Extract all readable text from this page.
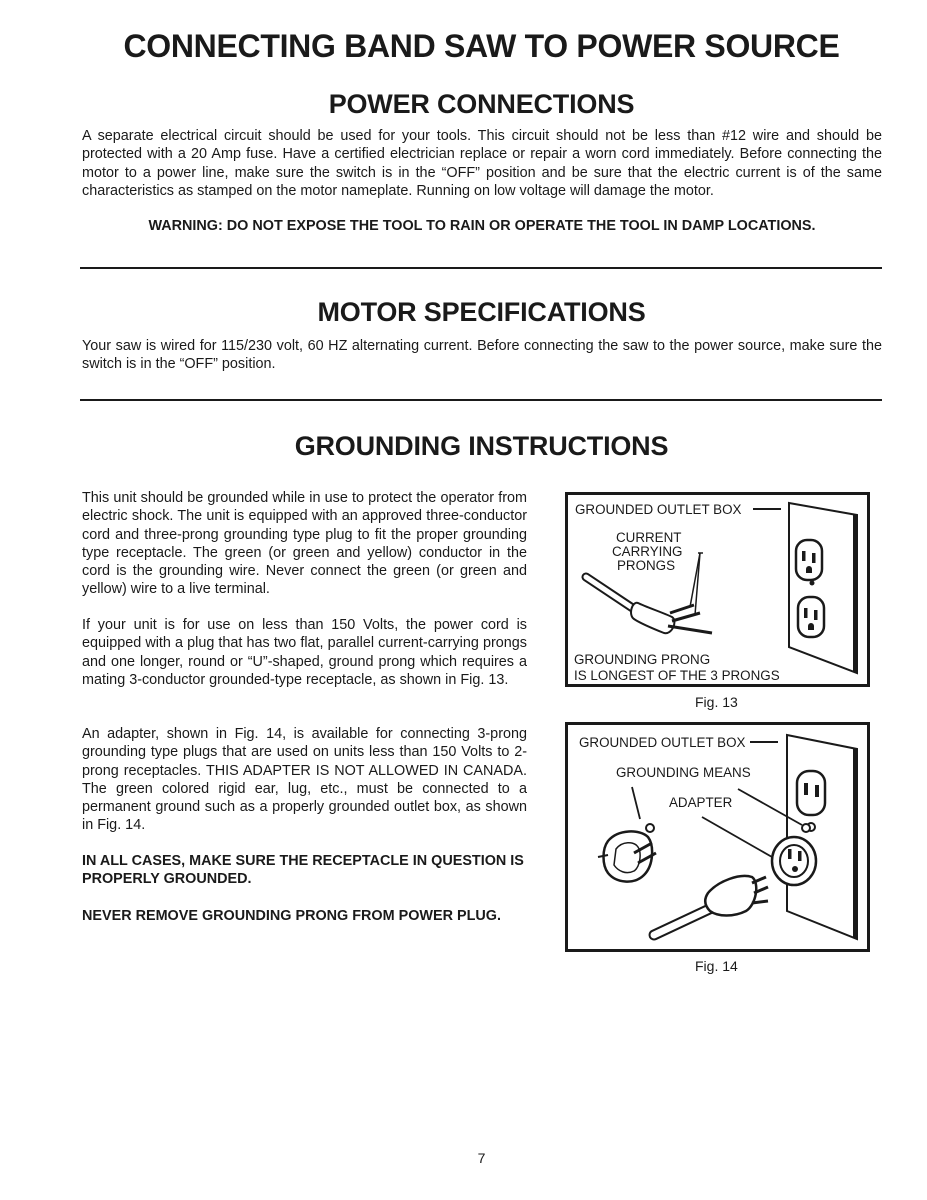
CONNECTING BAND SAW TO POWER SOURCE
POWER CONNECTIONS

A separate electrical circuit should be used for your tools. This circuit should not be less than #12 wire and should be protected with a 20 Amp fuse. Have a certified electrician replace or repair a worn cord immediately. Before connecting the motor to a power line, make sure the switch is in the “OFF” position and be sure that the electric current is of the same characteristics as stamped on the motor nameplate. Running on low voltage will damage the motor.

WARNING: DO NOT EXPOSE THE TOOL TO RAIN OR OPERATE THE TOOL IN DAMP LOCATIONS.
MOTOR SPECIFICATIONS

Your saw is wired for 115/230 volt, 60 HZ alternating current. Before connecting the saw to the power source, make sure the switch is in the “OFF” position.

GROUNDING INSTRUCTIONS

This unit should be grounded while in use to protect the operator from electric shock. The unit is equipped with an approved three-conductor cord and three-prong grounding type plug to fit the proper grounding type receptacle. The green (or green and yellow) conductor in the cord is the grounding wire. Never connect the green (or green and yellow) wire to a live terminal.

If your unit is for use on less than 150 Volts, the power cord is equipped with a plug that has two flat, parallel current-carrying prongs and one longer, round or “U”-shaped, ground prong which requires a mating 3-conductor grounded-type receptacle, as shown in Fig. 13.

An adapter, shown in Fig. 14, is available for connecting 3-prong grounding type plugs that are used on units less than 150 Volts to 2-prong receptacles. THIS ADAPTER IS NOT ALLOWED IN CANADA. The green colored rigid ear, lug, etc., must be connected to a permanent ground such as a properly grounded outlet box, as shown in Fig. 14.

IN ALL CASES, MAKE SURE THE RECEPTACLE IN QUESTION IS PROPERLY GROUNDED.

NEVER REMOVE GROUNDING PRONG FROM POWER PLUG.

GROUNDED OUTLET BOX
CURRENT
CARRYING
PRONGS
GROUNDING PRONG
IS LONGEST OF THE 3 PRONGS
Fig. 13
GROUNDED OUTLET BOX
GROUNDING MEANS
ADAPTER
Fig. 14
7
